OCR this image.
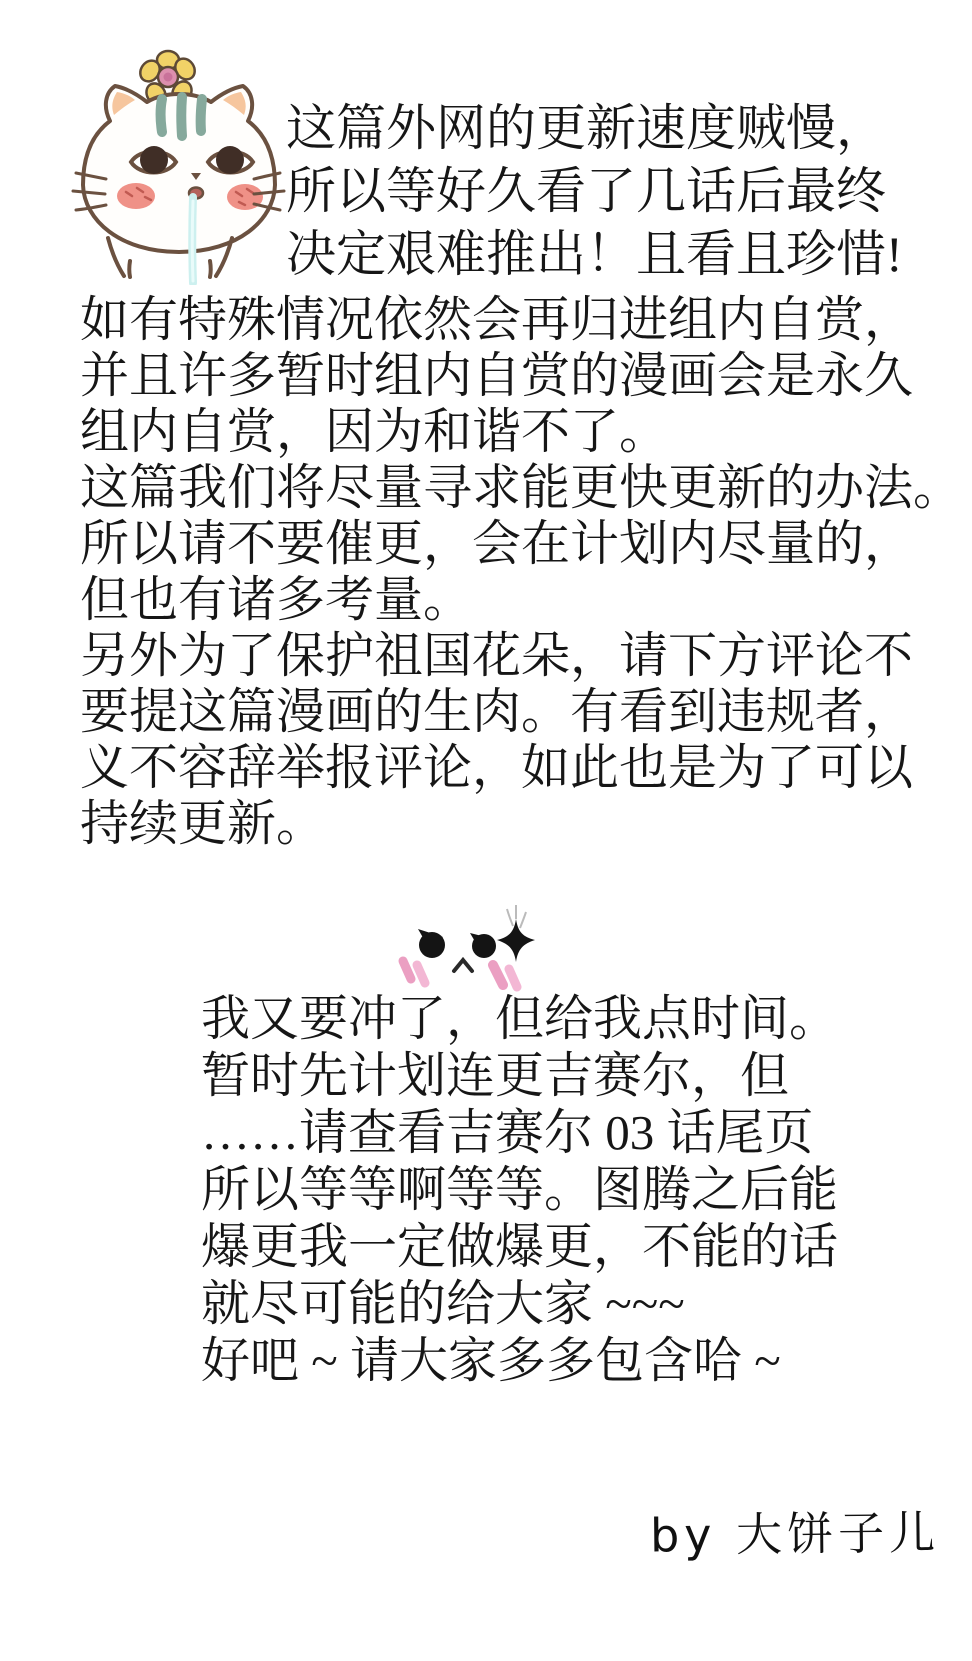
这篇外网的更新速度贼慢，
所以等好久看了几话后最终
决定艰难推出！且看且珍惜!
如有特殊情况依然会再归进组内自赏，
并且许多暂时组内自赏的漫画会是永久
组内自赏，因为和谐不了。
这篇我们将尽量寻求能更快更新的办法。
所以请不要催更，会在计划内尽量的，
但也有诸多考量。
另外为了保护祖国花朵，请下方评论不
要提这篇漫画的生肉。有看到违规者，
义不容辞举报评论，如此也是为了可以
持续更新。
我又要冲了，但给我点时间。
暂时先计划连更吉赛尔，但
……请查看吉赛尔 03 话尾页
所以等等啊等等。图腾之后能
爆更我一定做爆更，不能的话
就尽可能的给大家 ~~~
好吧 ~ 请大家多多包含哈 ~
by 大饼子儿
